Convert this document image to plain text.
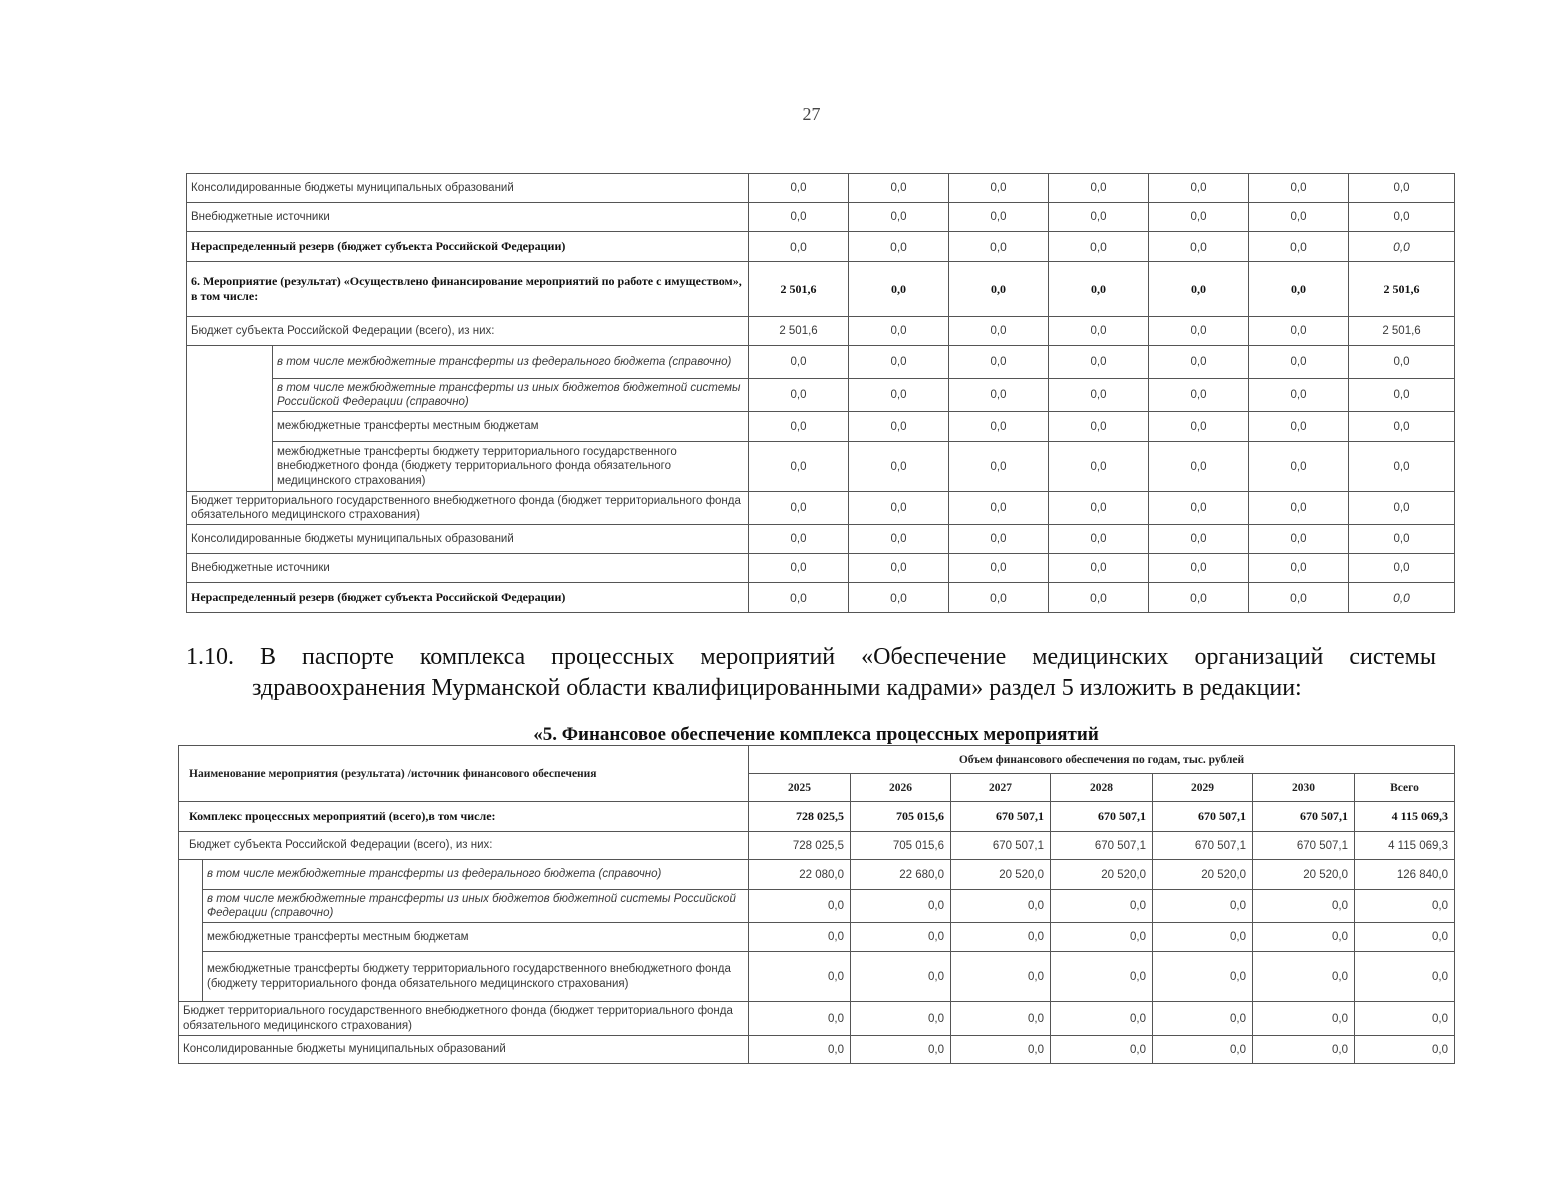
27
Консолидированные бюджеты муниципальных образований		0,0	0,0	0,0	0,0	0,0	0,0	0,0
Внебюджетные источники		0,0	0,0	0,0	0,0	0,0	0,0	0,0
Нераспределенный резерв (бюджет субъекта Российской Федерации)		0,0	0,0	0,0	0,0	0,0	0,0	0,0
6. Мероприятие (результат) «Осуществлено финансирование мероприятий по работе с имуществом», в том числе:		2 501,6	0,0	0,0	0,0	0,0	0,0	2 501,6
Бюджет субъекта Российской Федерации (всего), из них:		2 501,6	0,0	0,0	0,0	0,0	0,0	2 501,6
	в том числе межбюджетные трансферты из федерального бюджета (справочно)	0,0	0,0	0,0	0,0	0,0	0,0	0,0
	в том числе межбюджетные трансферты из иных бюджетов бюджетной системы Российской Федерации (справочно)	0,0	0,0	0,0	0,0	0,0	0,0	0,0
	межбюджетные трансферты местным бюджетам	0,0	0,0	0,0	0,0	0,0	0,0	0,0
	межбюджетные трансферты бюджету территориального государственного внебюджетного фонда (бюджету территориального фонда обязательного медицинского страхования)	0,0	0,0	0,0	0,0	0,0	0,0	0,0
Бюджет территориального государственного внебюджетного фонда (бюджет территориального фонда обязательного медицинского страхования)		0,0	0,0	0,0	0,0	0,0	0,0	0,0
Консолидированные бюджеты муниципальных образований		0,0	0,0	0,0	0,0	0,0	0,0	0,0
Внебюджетные источники		0,0	0,0	0,0	0,0	0,0	0,0	0,0
Нераспределенный резерв (бюджет субъекта Российской Федерации)		0,0	0,0	0,0	0,0	0,0	0,0	0,0
1.10. В паспорте комплекса процессных мероприятий «Обеспечение медицинских организаций системы
здравоохранения Мурманской области квалифицированными кадрами» раздел 5 изложить в редакции:
«5. Финансовое обеспечение комплекса процессных мероприятий
Наименование мероприятия (результата) /источник финансового обеспечения		Объем финансового обеспечения по годам, тыс. рублей						
		2025	2026	2027	2028	2029	2030	Всего
Комплекс процессных мероприятий (всего),в том числе:		728 025,5	705 015,6	670 507,1	670 507,1	670 507,1	670 507,1	4 115 069,3
Бюджет субъекта Российской Федерации (всего), из них:		728 025,5	705 015,6	670 507,1	670 507,1	670 507,1	670 507,1	4 115 069,3
	в том числе межбюджетные трансферты из федерального бюджета (справочно)	22 080,0	22 680,0	20 520,0	20 520,0	20 520,0	20 520,0	126 840,0
	в том числе межбюджетные трансферты из иных бюджетов бюджетной системы Российской Федерации (справочно)	0,0	0,0	0,0	0,0	0,0	0,0	0,0
	межбюджетные трансферты местным бюджетам	0,0	0,0	0,0	0,0	0,0	0,0	0,0
	межбюджетные трансферты бюджету территориального государственного внебюджетного фонда (бюджету территориального фонда обязательного медицинского страхования)	0,0	0,0	0,0	0,0	0,0	0,0	0,0
Бюджет территориального государственного внебюджетного фонда (бюджет территориального фонда обязательного медицинского страхования)		0,0	0,0	0,0	0,0	0,0	0,0	0,0
Консолидированные бюджеты муниципальных образований		0,0	0,0	0,0	0,0	0,0	0,0	0,0
